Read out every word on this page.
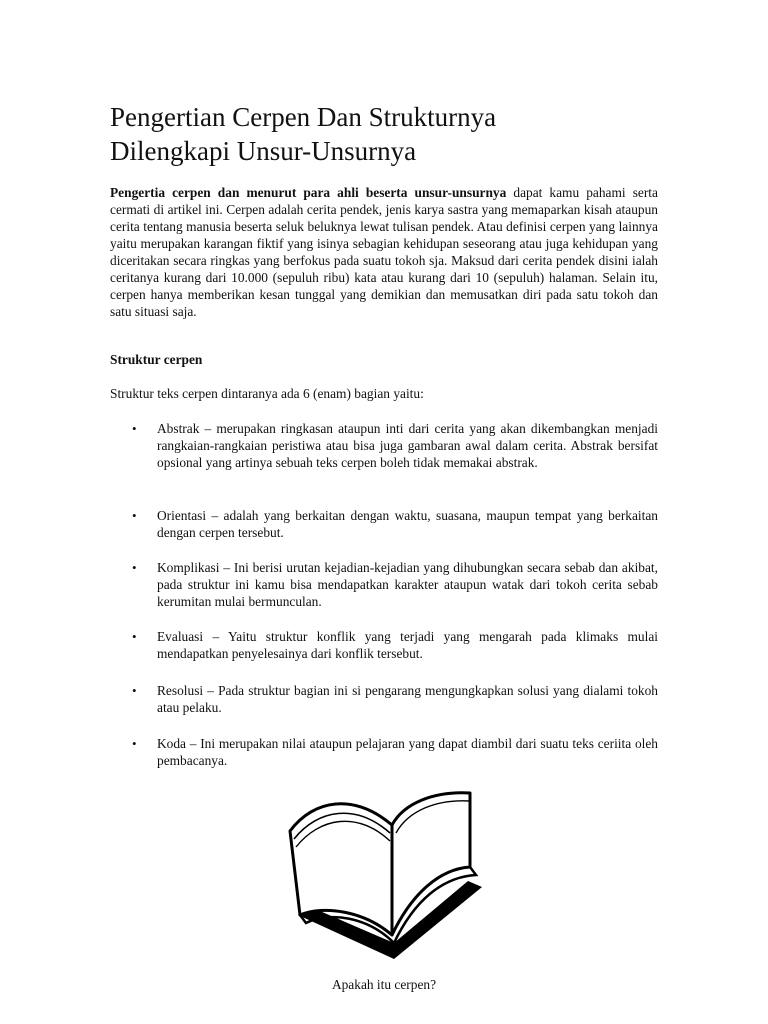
Pengertian Cerpen Dan Strukturnya
Dilengkapi Unsur-Unsurnya

Pengertia cerpen dan menurut para ahli beserta unsur-unsurnya dapat kamu pahami serta cermati di artikel ini. Cerpen adalah cerita pendek, jenis karya sastra yang memaparkan kisah ataupun cerita tentang manusia beserta seluk beluknya lewat tulisan pendek. Atau definisi cerpen yang lainnya yaitu merupakan karangan fiktif yang isinya sebagian kehidupan seseorang atau juga kehidupan yang diceritakan secara ringkas yang berfokus pada suatu tokoh sja. Maksud dari cerita pendek disini ialah ceritanya kurang dari 10.000 (sepuluh ribu) kata atau kurang dari 10 (sepuluh) halaman. Selain itu, cerpen hanya memberikan kesan tunggal yang demikian dan memusatkan diri pada satu tokoh dan satu situasi saja.

Struktur cerpen

Struktur teks cerpen dintaranya ada 6 (enam) bagian yaitu:

• Abstrak – merupakan ringkasan ataupun inti dari cerita yang akan dikembangkan menjadi rangkaian-rangkaian peristiwa atau bisa juga gambaran awal dalam cerita. Abstrak bersifat opsional yang artinya sebuah teks cerpen boleh tidak memakai abstrak.
• Orientasi – adalah yang berkaitan dengan waktu, suasana, maupun tempat yang berkaitan dengan cerpen tersebut.
• Komplikasi – Ini berisi urutan kejadian-kejadian yang dihubungkan secara sebab dan akibat, pada struktur ini kamu bisa mendapatkan karakter ataupun watak dari tokoh cerita sebab kerumitan mulai bermunculan.
• Evaluasi – Yaitu struktur konflik yang terjadi yang mengarah pada klimaks mulai mendapatkan penyelesainya dari konflik tersebut.
• Resolusi – Pada struktur bagian ini si pengarang mengungkapkan solusi yang dialami tokoh atau pelaku.
• Koda – Ini merupakan nilai ataupun pelajaran yang dapat diambil dari suatu teks ceriita oleh pembacanya.

Apakah itu cerpen?
